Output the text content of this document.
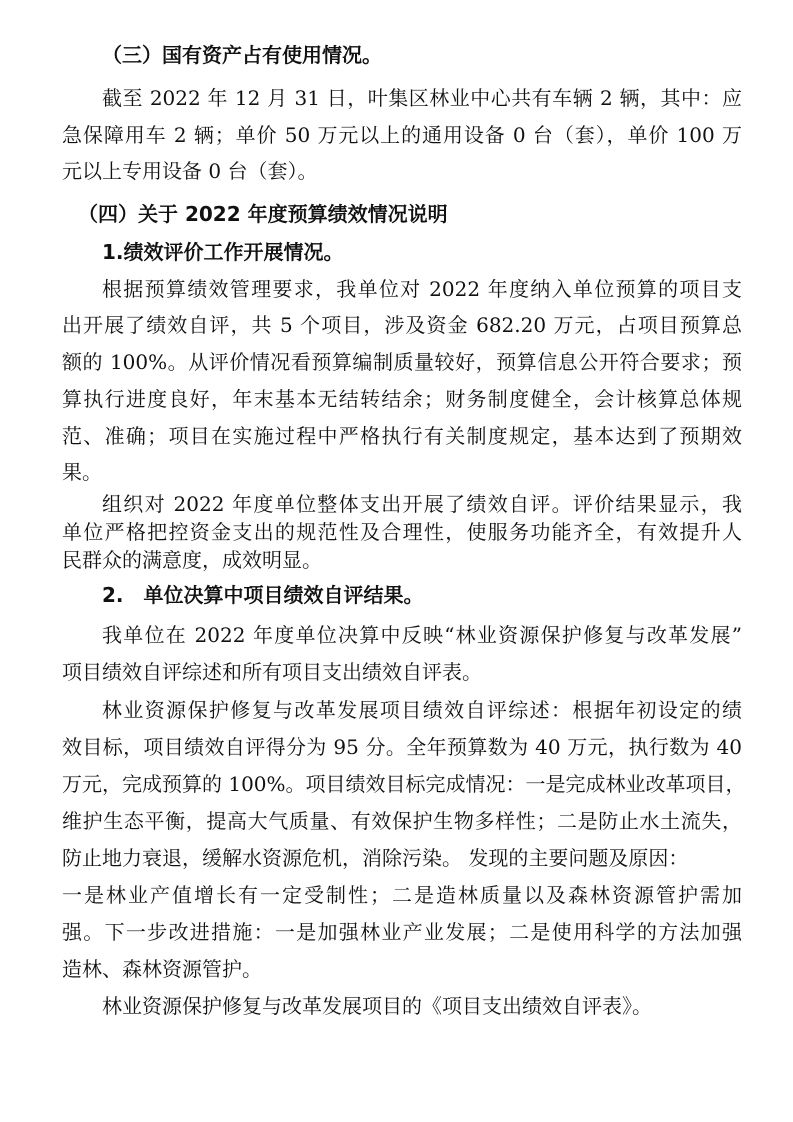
（三）国有资产占有使用情况。
截至 2022 年 12 月 31 日，叶集区林业中心共有车辆 2 辆，其中：应
急保障用车 2 辆；单价 50 万元以上的通用设备 0 台（套），单价 100 万
元以上专用设备 0 台（套）。
（四）关于 2022 年度预算绩效情况说明
1.绩效评价工作开展情况。
根据预算绩效管理要求，我单位对 2022 年度纳入单位预算的项目支
出开展了绩效自评，共 5 个项目，涉及资金 682.20 万元，占项目预算总
额的 100%。从评价情况看预算编制质量较好，预算信息公开符合要求；预
算执行进度良好，年末基本无结转结余；财务制度健全，会计核算总体规
范、准确；项目在实施过程中严格执行有关制度规定，基本达到了预期效
果。
组织对 2022 年度单位整体支出开展了绩效自评。评价结果显示，我
单位严格把控资金支出的规范性及合理性，使服务功能齐全，有效提升人
民群众的满意度，成效明显。
2.　单位决算中项目绩效自评结果。
我单位在 2022 年度单位决算中反映“林业资源保护修复与改革发展”
项目绩效自评综述和所有项目支出绩效自评表。
林业资源保护修复与改革发展项目绩效自评综述：根据年初设定的绩
效目标，项目绩效自评得分为 95 分。全年预算数为 40 万元，执行数为 40
万元，完成预算的 100%。项目绩效目标完成情况：一是完成林业改革项目，
维护生态平衡，提高大气质量、有效保护生物多样性；二是防止水土流失，
防止地力衰退，缓解水资源危机，消除污染。 发现的主要问题及原因：
一是林业产值增长有一定受制性；二是造林质量以及森林资源管护需加
强。下一步改进措施：一是加强林业产业发展；二是使用科学的方法加强
造林、森林资源管护。
林业资源保护修复与改革发展项目的《项目支出绩效自评表》。
